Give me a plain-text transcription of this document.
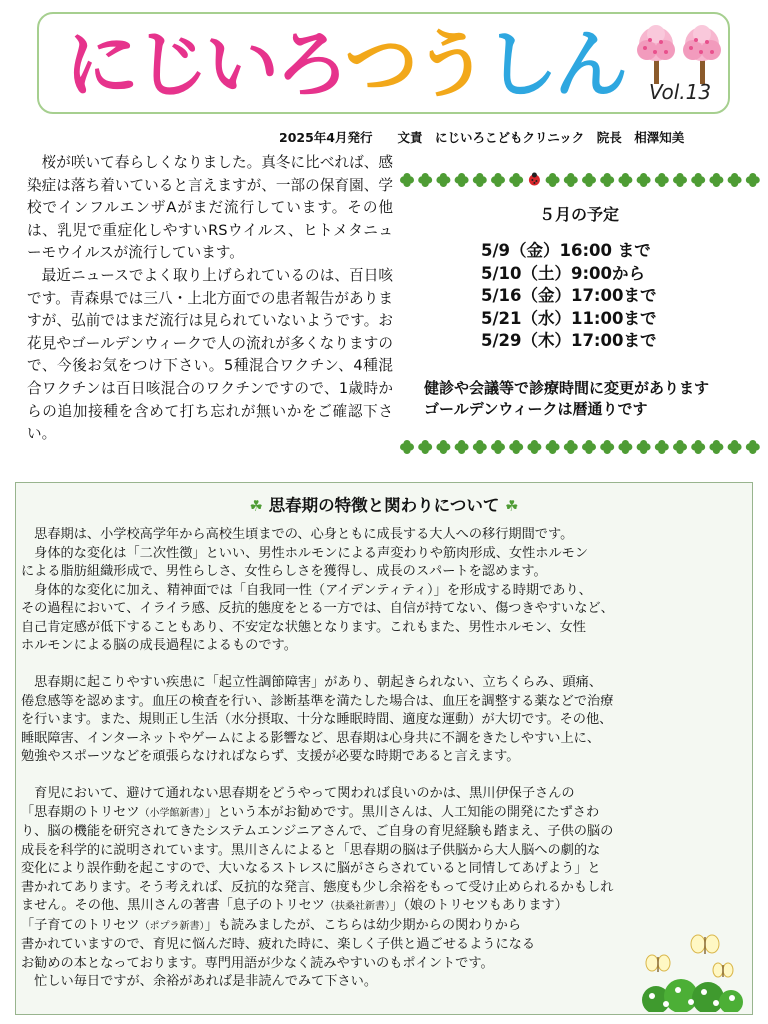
にじいろつうしん Vol.13
2025年4月発行　　文責　にじいろこどもクリニック　院長　相澤知美

桜が咲いて春らしくなりました。真冬に比べれば、感染症は落ち着いていると言えますが、一部の保育園、学校でインフルエンザAがまだ流行しています。その他は、乳児で重症化しやすいRSウイルス、ヒトメタニューモウイルスが流行しています。

最近ニュースでよく取り上げられているのは、百日咳です。青森県では三八・上北方面での患者報告がありますが、弘前ではまだ流行は見られていないようです。お花見やゴールデンウィークで人の流れが多くなりますので、今後お気をつけ下さい。5種混合ワクチン、4種混合ワクチンは百日咳混合のワクチンですので、1歳時からの追加接種を含めて打ち忘れが無いかをご確認下さい。

５月の予定
5/9（金）16:00 まで
5/10（土）9:00から
5/16（金）17:00まで
5/21（水）11:00まで
5/29（木）17:00まで
健診や会議等で診療時間に変更があります
ゴールデンウィークは暦通りです
☘ 思春期の特徴と関わりについて ☘

　思春期は、小学校高学年から高校生頃までの、心身ともに成長する大人への移行期間です。

　身体的な変化は「二次性徴」といい、男性ホルモンによる声変わりや筋肉形成、女性ホルモン

による脂肪組織形成で、男性らしさ、女性らしさを獲得し、成長のスパートを認めます。

　身体的な変化に加え、精神面では「自我同一性（アイデンティティ）」を形成する時期であり、

その過程において、イライラ感、反抗的態度をとる一方では、自信が持てない、傷つきやすいなど、

自己肯定感が低下することもあり、不安定な状態となります。これもまた、男性ホルモン、女性

ホルモンによる脳の成長過程によるものです。

　思春期に起こりやすい疾患に「起立性調節障害」があり、朝起きられない、立ちくらみ、頭痛、

倦怠感等を認めます。血圧の検査を行い、診断基準を満たした場合は、血圧を調整する薬などで治療

を行います。また、規則正し生活（水分摂取、十分な睡眠時間、適度な運動）が大切です。その他、

睡眠障害、インターネットやゲームによる影響など、思春期は心身共に不調をきたしやすい上に、

勉強やスポーツなどを頑張らなければならず、支援が必要な時期であると言えます。

　育児において、避けて通れない思春期をどうやって関われば良いのかは、黒川伊保子さんの

「思春期のトリセツ（小学館新書）」という本がお勧めです。黒川さんは、人工知能の開発にたずさわ

り、脳の機能を研究されてきたシステムエンジニアさんで、ご自身の育児経験も踏まえ、子供の脳の

成長を科学的に説明されています。黒川さんによると「思春期の脳は子供脳から大人脳への劇的な

変化により誤作動を起こすので、大いなるストレスに脳がさらされていると同情してあげよう」と

書かれてあります。そう考えれば、反抗的な発言、態度も少し余裕をもって受け止められるかもしれ

ません。その他、黒川さんの著書「息子のトリセツ（扶桑社新書）」（娘のトリセツもあります）

「子育てのトリセツ（ポプラ新書）」も読みましたが、こちらは幼少期からの関わりから

書かれていますので、育児に悩んだ時、疲れた時に、楽しく子供と過ごせるようになる

お勧めの本となっております。専門用語が少なく読みやすいのもポイントです。

　忙しい毎日ですが、余裕があれば是非読んでみて下さい。
